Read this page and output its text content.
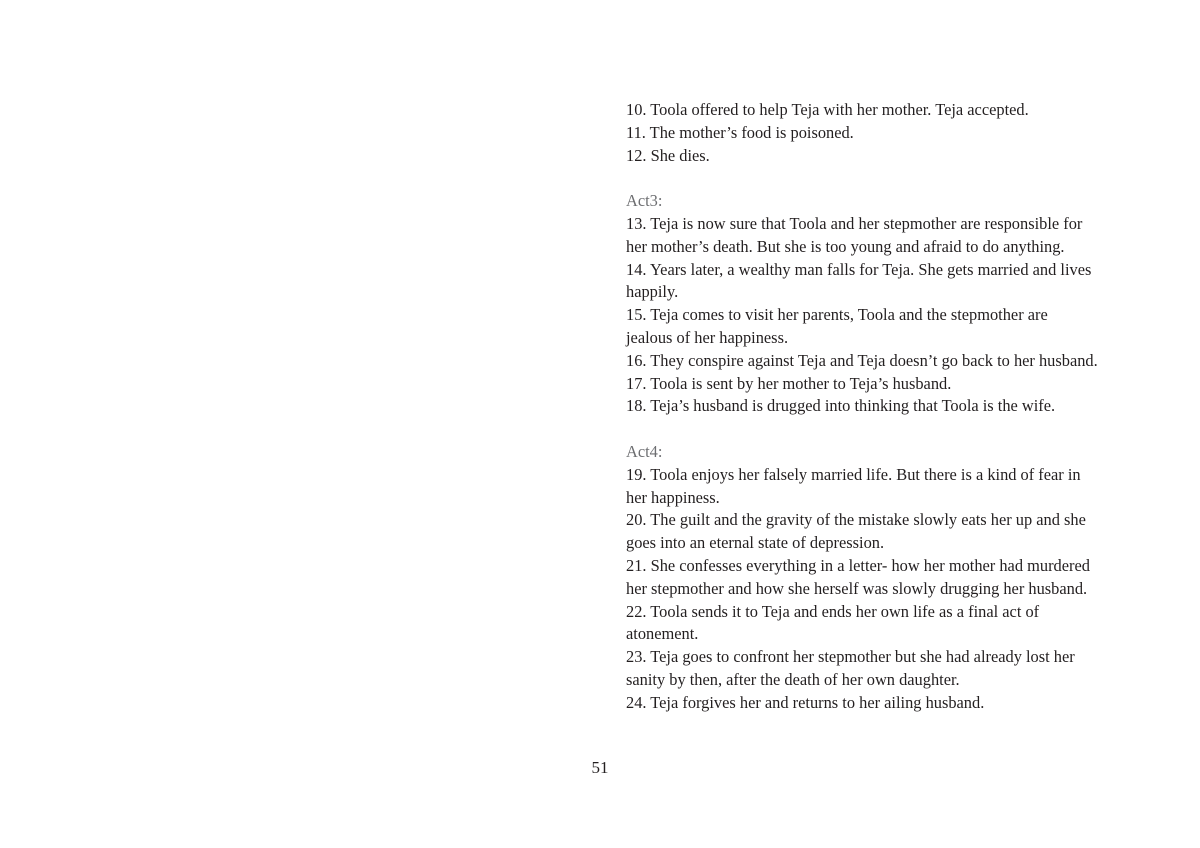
10. Toola offered to help Teja with her mother. Teja accepted.
11. The mother’s food is poisoned.
12. She dies.
Act3:
13. Teja is now sure that Toola and her stepmother are responsible for
her mother’s death. But she is too young and afraid to do anything.
14. Years later, a wealthy man falls for Teja. She gets married and lives
happily.
15. Teja comes to visit her parents, Toola and the stepmother are
jealous of her happiness.
16. They conspire against Teja and Teja doesn’t go back to her husband.
17. Toola is sent by her mother to Teja’s husband.
18. Teja’s husband is drugged into thinking that Toola is the wife.
Act4:
19. Toola enjoys her falsely married life. But there is a kind of fear in
her happiness.
20. The guilt and the gravity of the mistake slowly eats her up and she
goes into an eternal state of depression.
21. She confesses everything in a letter- how her mother had murdered
her stepmother and how she herself was slowly drugging her husband.
22. Toola sends it to Teja and ends her own life as a final act of
atonement.
23. Teja goes to confront her stepmother but she had already lost her
sanity by then, after the death of her own daughter.
24. Teja forgives her and returns to her ailing husband.
51
